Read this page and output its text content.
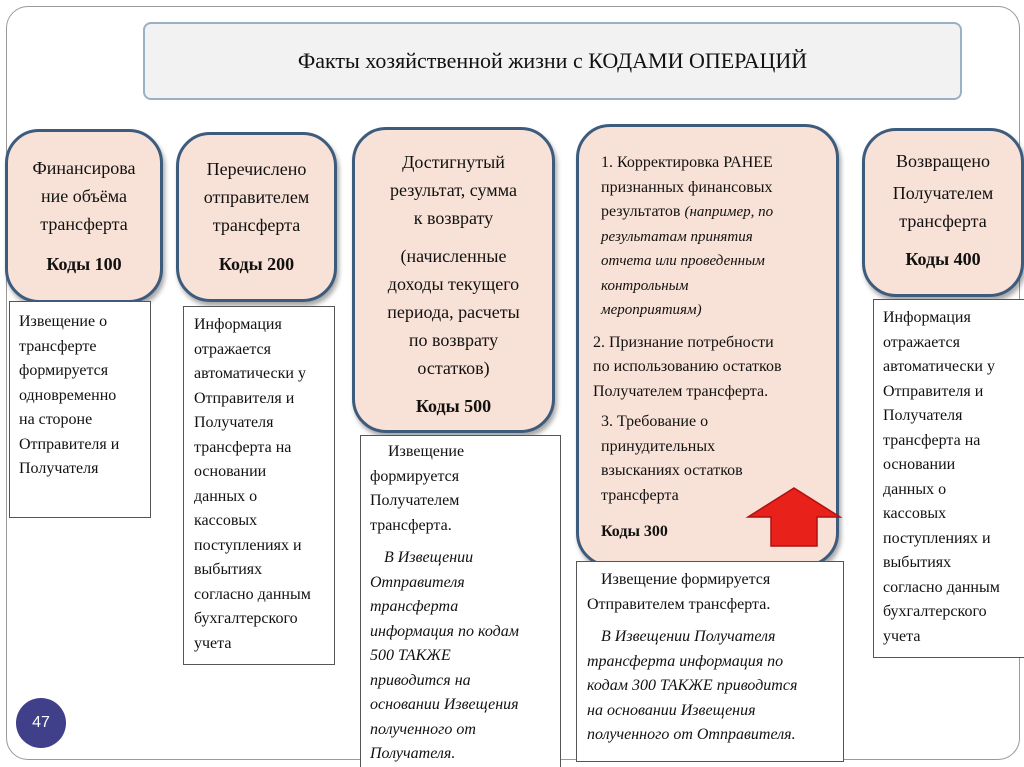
Факты хозяйственной жизни с КОДАМИ ОПЕРАЦИЙ
Финансирова
ние объёма
трансферта
Коды 100
Перечислено
отправителем
трансферта
Коды 200
Достигнутый
результат, сумма
к возврату
(начисленные
доходы текущего
периода, расчеты
по возврату
остатков)
Коды 500
1. Корректировка РАНЕЕ
признанных финансовых
результатов (например, по
результатам принятия
отчета или проведенным
контрольным
мероприятиям)
2. Признание потребности
по использованию остатков
Получателем трансферта.
3. Требование о
принудительных
взысканиях остатков
трансферта
Коды 300
Возвращено
Получателем
трансферта
Коды 400
Извещение о
трансферте
формируется
одновременно
на стороне
Отправителя и
Получателя
Информация
отражается
автоматически у
Отправителя и
Получателя
трансферта на
основании
данных о
кассовых
поступлениях и
выбытиях
согласно данным
бухгалтерского
учета
Извещение
формируется
Получателем
трансферта.
В Извещении
Отправителя
трансферта
информация по кодам
500 ТАКЖЕ
приводится на
основании Извещения
полученного от
Получателя.
Извещение формируется
Отправителем трансферта.
В Извещении Получателя
трансферта информация по
кодам 300 ТАКЖЕ приводится
на основании Извещения
полученного от Отправителя.
Информация
отражается
автоматически у
Отправителя и
Получателя
трансферта на
основании
данных о
кассовых
поступлениях и
выбытиях
согласно данным
бухгалтерского
учета
47
